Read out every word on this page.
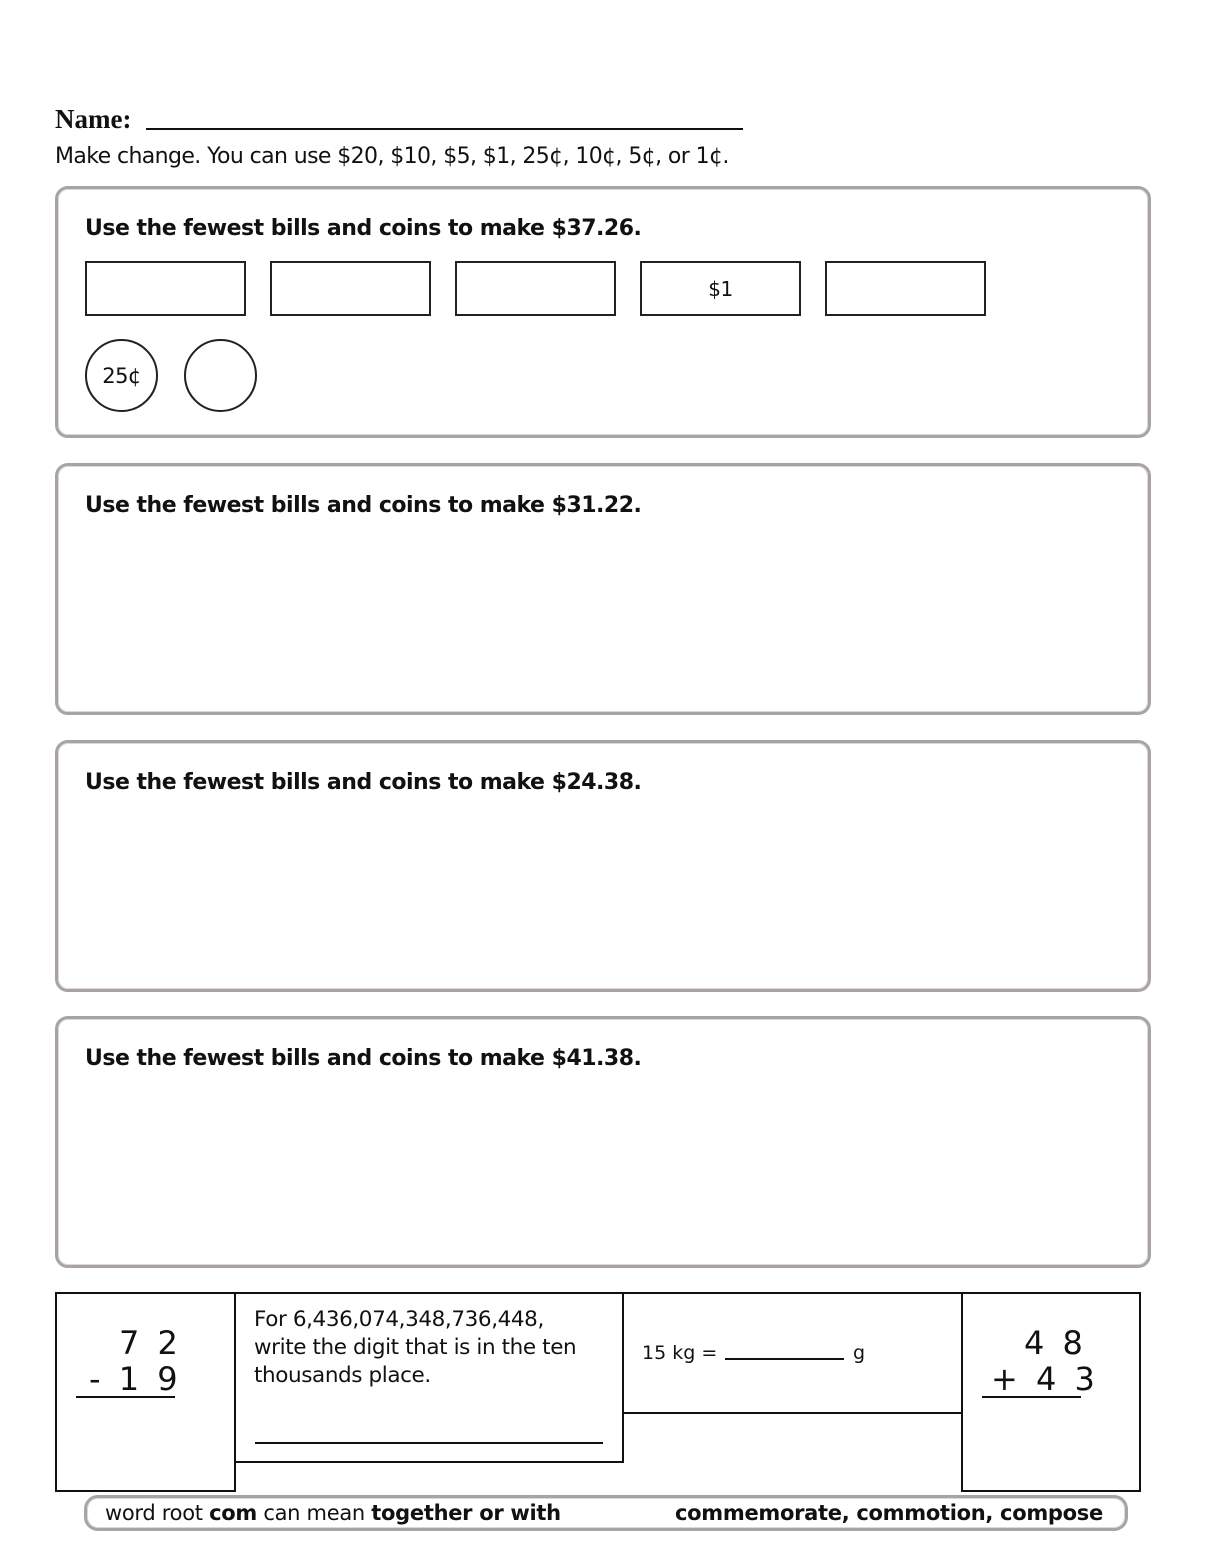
Name:
Make change. You can use $20, $10, $5, $1, 25¢, 10¢, 5¢, or 1¢.
Use the fewest bills and coins to make $37.26.
$1
25¢
Use the fewest bills and coins to make $31.22.
Use the fewest bills and coins to make $24.38.
Use the fewest bills and coins to make $41.38.
7 2
- 1 9
For 6,436,074,348,736,448, write the digit that is in the ten thousands place.
15 kg =	g	4 8
+ 4 3
word root com can mean together or with	commemorate, commotion, compose
